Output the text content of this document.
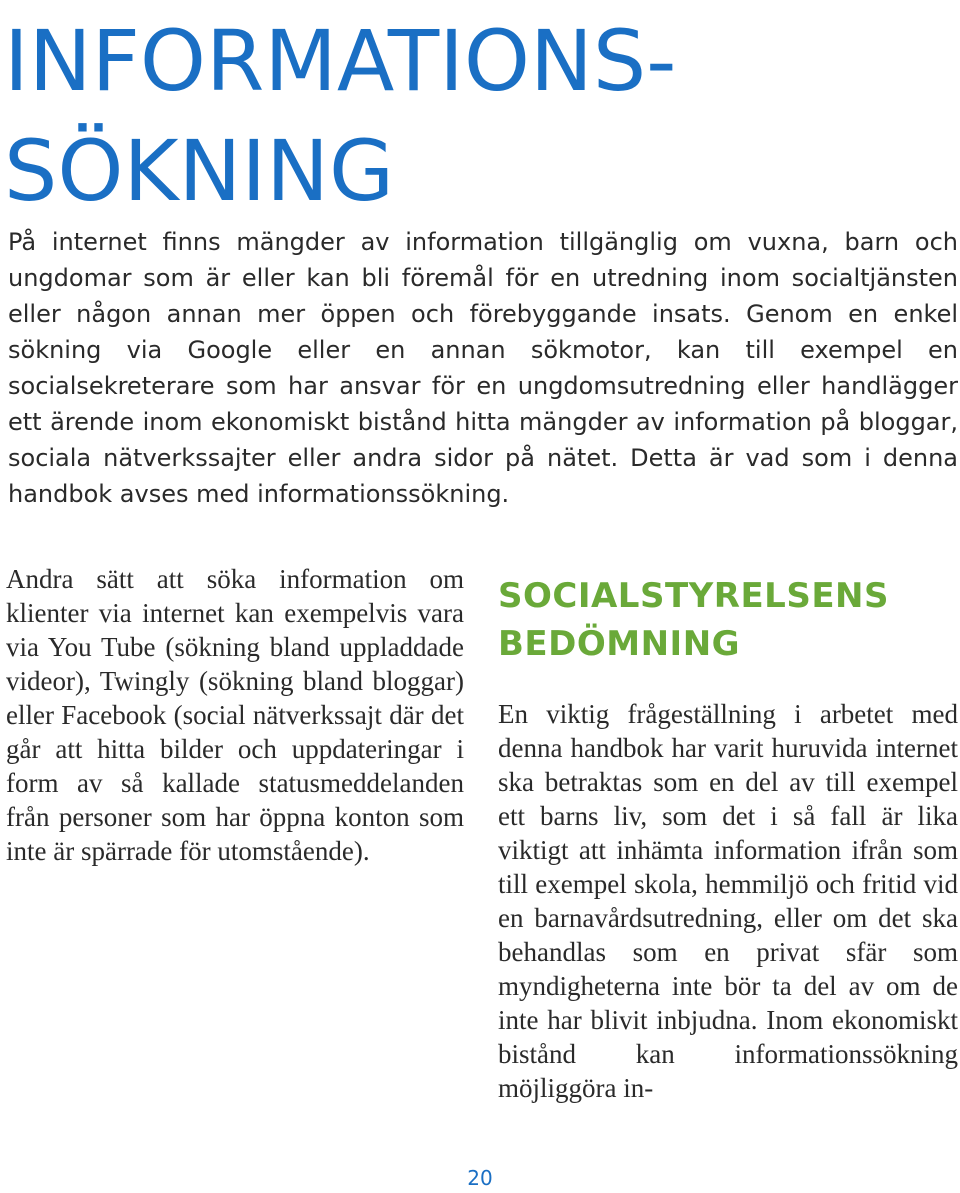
INFORMATIONS-
SÖKNING

På internet finns mängder av information tillgänglig om vuxna, barn och ungdomar som är eller kan bli föremål för en utredning inom socialtjänsten eller någon annan mer öppen och förebyggande insats. Genom en enkel sökning via Google eller en annan sökmotor, kan till exempel en socialsekreterare som har ansvar för en ungdomsutredning eller handlägger ett ärende inom ekonomiskt bistånd hitta mängder av information på bloggar, sociala nätverkssajter eller andra sidor på nätet. Detta är vad som i denna handbok avses med informationssökning.

Andra sätt att söka information om klienter via internet kan exempelvis vara via You Tube (sökning bland uppladdade videor), Twingly (sökning bland bloggar) eller Facebook (social nätverkssajt där det går att hitta bilder och uppdateringar i form av så kallade statusmeddelanden från personer som har öppna konton som inte är spärrade för utomstående).

SOCIALSTYRELSENS
BEDÖMNING

En viktig frågeställning i arbetet med denna handbok har varit huruvida internet ska betraktas som en del av till exempel ett barns liv, som det i så fall är lika viktigt att inhämta information ifrån som till exempel skola, hemmiljö och fritid vid en barnavårdsutredning, eller om det ska behandlas som en privat sfär som myndigheterna inte bör ta del av om de inte har blivit inbjudna. Inom ekonomiskt bistånd kan informationssökning möjliggöra in-

20
